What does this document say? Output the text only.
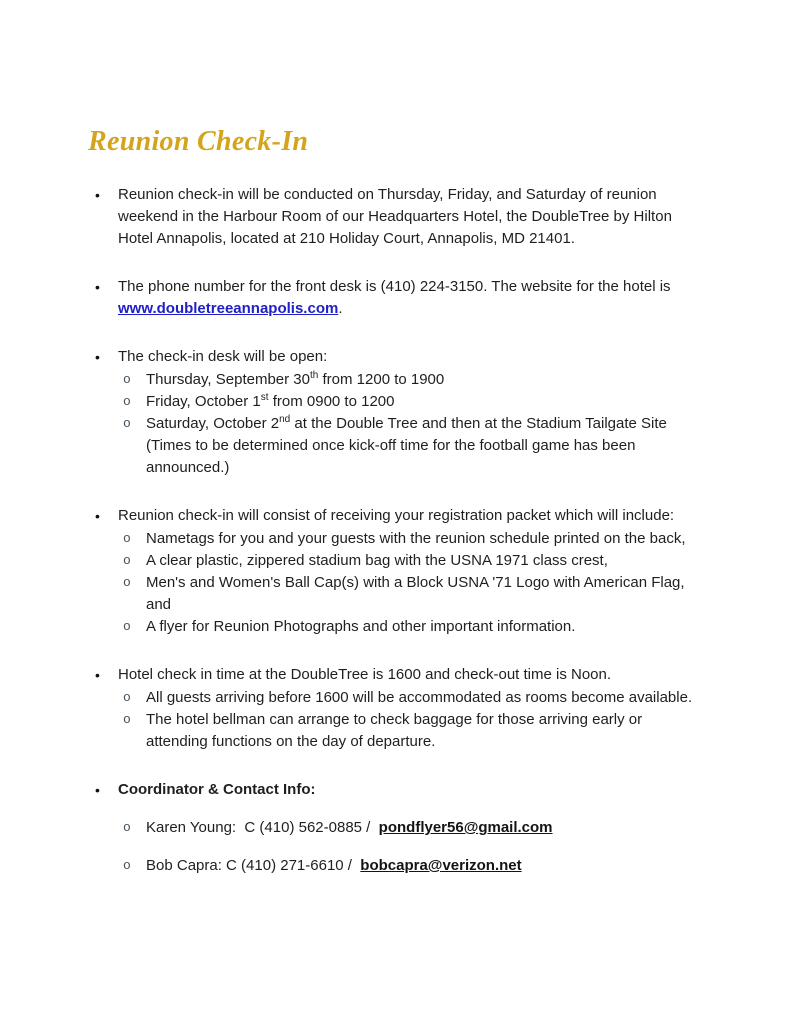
Reunion Check-In
•	Reunion check-in will be conducted on Thursday, Friday, and Saturday of reunion weekend in the Harbour Room of our Headquarters Hotel, the DoubleTree by Hilton Hotel Annapolis, located at 210 Holiday Court, Annapolis, MD 21401.
•	The phone number for the front desk is (410) 224-3150. The website for the hotel is www.doubletreeannapolis.com.
•	The check-in desk will be open:
o	Thursday, September 30th from 1200 to 1900
o	Friday, October 1st from 0900 to 1200
o	Saturday, October 2nd at the Double Tree and then at the Stadium Tailgate Site (Times to be determined once kick-off time for the football game has been announced.)
•	Reunion check-in will consist of receiving your registration packet which will include:
o	Nametags for you and your guests with the reunion schedule printed on the back,
o	A clear plastic, zippered stadium bag with the USNA 1971 class crest,
o	Men's and Women's Ball Cap(s) with a Block USNA '71 Logo with American Flag, and
o	A flyer for Reunion Photographs and other important information.
•	Hotel check in time at the DoubleTree is 1600 and check-out time is Noon.
o	All guests arriving before 1600 will be accommodated as rooms become available.
o	The hotel bellman can arrange to check baggage for those arriving early or attending functions on the day of departure.
•	Coordinator & Contact Info:
o	Karen Young:  C (410) 562-0885 /  pondflyer56@gmail.com
o	Bob Capra: C (410) 271-6610 /  bobcapra@verizon.net
